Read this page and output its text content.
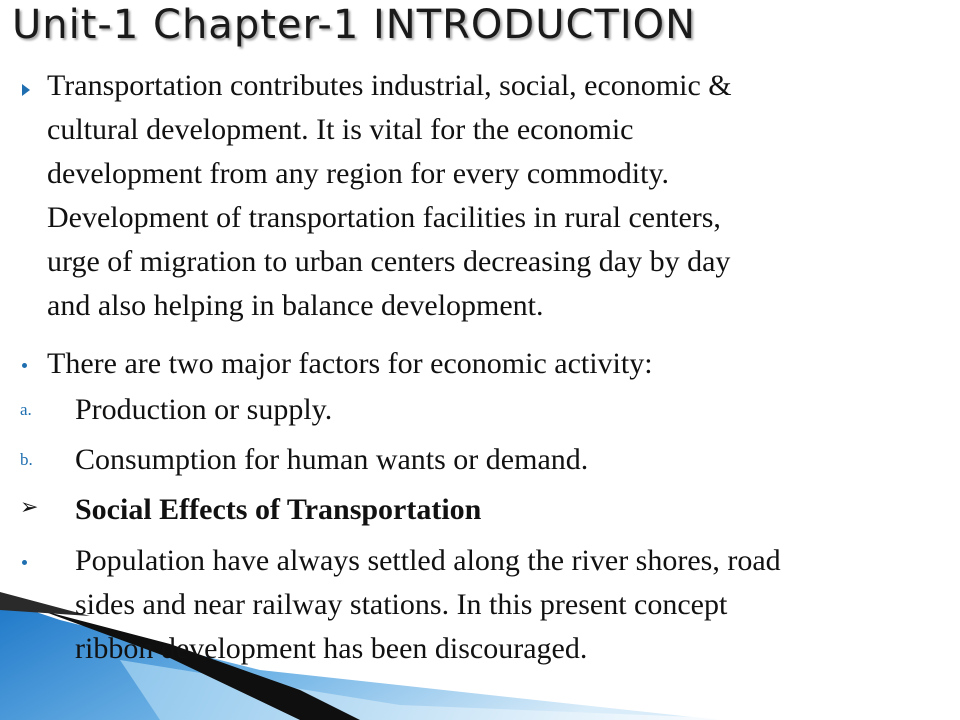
Unit-1 Chapter-1 INTRODUCTION
Transportation contributes industrial, social, economic &
cultural development. It is vital for the economic
development from any region for every commodity.
Development of transportation facilities in rural centers,
urge of migration to urban centers decreasing day by day
and also helping in balance development.
There are two major factors for economic activity:
a. Production or supply.
b. Consumption for human wants or demand.
➢ Social Effects of Transportation
Population have always settled along the river shores, road
sides and near railway stations. In this present concept
ribbon development has been discouraged.
